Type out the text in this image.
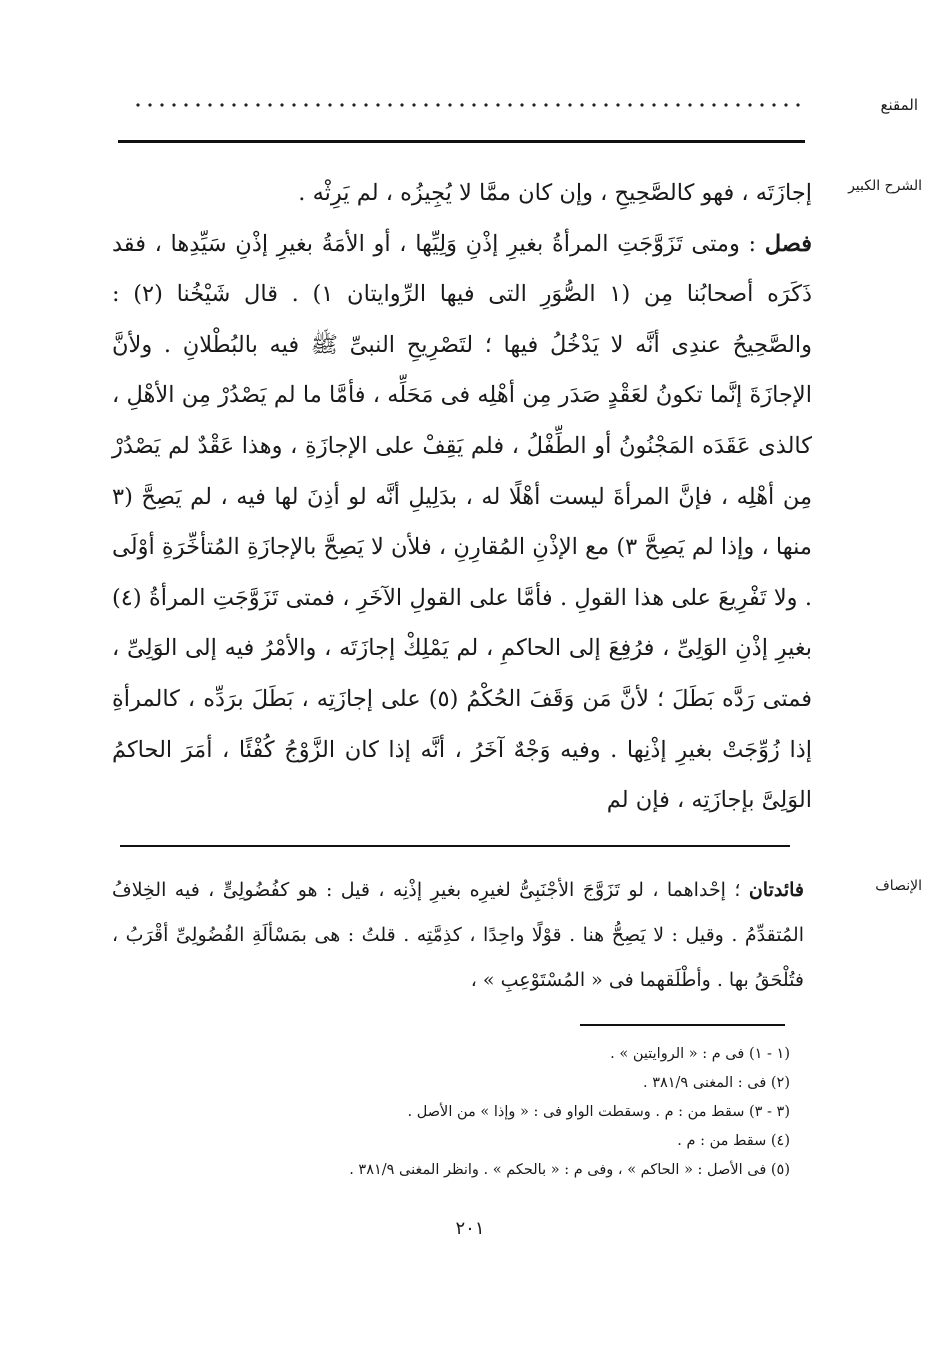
المقنع
الشرح الكبير
الإنصاف

إجازَتَه ، فهو كالصَّحِيحِ ، وإن كان ممَّا لا يُجِيزُه ، لم يَرِثْه .

فصل : ومتى تَزَوَّجَتِ المرأةُ بغيرِ إذْنِ وَلِيِّها ، أو الأمَةُ بغيرِ إذْنِ سَيِّدِها ، فقد ذَكَرَه أصحابُنا مِن (١ الصُّوَرِ التى فيها الرِّوايتان ١) . قال شَيْخُنا (٢) : والصَّحِيحُ عندِى أنَّه لا يَدْخُلُ فيها ؛ لتَصْرِيحِ النبىِّ ﷺ فيه بالبُطْلانِ . ولأنَّ الإجازَةَ إنَّما تكونُ لعَقْدٍ صَدَر مِن أهْلِه فى مَحَلِّه ، فأمَّا ما لم يَصْدُرْ مِن الأهْلِ ، كالذى عَقَدَه المَجْنُونُ أو الطِّفْلُ ، فلم يَقِفْ على الإجازَةِ ، وهذا عَقْدٌ لم يَصْدُرْ مِن أهْلِه ، فإنَّ المرأةَ ليست أهْلًا له ، بدَلِيلِ أنَّه لو أذِنَ لها فيه ، لم يَصِحَّ (٣ منها ، وإذا لم يَصِحَّ ٣) مع الإذْنِ المُقارِنِ ، فلأن لا يَصِحَّ بالإجازَةِ المُتأخِّرَةِ أوْلَى . ولا تَفْرِيعَ على هذا القولِ . فأمَّا على القولِ الآخَرِ ، فمتى تَزَوَّجَتِ المرأةُ (٤) بغيرِ إذْنِ الوَلِىِّ ، فرُفِعَ إلى الحاكمِ ، لم يَمْلِكْ إجازَتَه ، والأمْرُ فيه إلى الوَلِىِّ ، فمتى رَدَّه بَطَلَ ؛ لأنَّ مَن وَقَفَ الحُكْمُ (٥) على إجازَتِه ، بَطَلَ برَدِّه ، كالمرأةِ إذا زُوِّجَتْ بغيرِ إذْنِها . وفيه وَجْهٌ آخَرُ ، أنَّه إذا كان الزَّوْجُ كُفْئًا ، أمَرَ الحاكمُ الوَلِىَّ بإجازَتِه ، فإن لم

فائدتان ؛ إحْداهما ، لو تَزَوَّجَ الأجْنَبِىُّ لغيرِه بغيرِ إذْنِه ، قيل : هو كفُضُولِىٍّ ، فيه الخِلافُ المُتقدِّمُ . وقيل : لا يَصِحُّ هنا . قوْلًا واحِدًا ، كذِمَّتِه . قلتُ : هى بمَسْألَةِ الفُضُولِىِّ أقْرَبُ ، فتُلْحَقُ بها . وأطْلَقهما فى « المُسْتَوْعِبِ » ،

(١ - ١) فى م : « الروايتين » .
(٢) فى : المغنى ٣٨١/٩ .
(٣ - ٣) سقط من : م . وسقطت الواو فى : « وإذا » من الأصل .
(٤) سقط من : م .
(٥) فى الأصل : « الحاكم » ، وفى م : « بالحكم » . وانظر المغنى ٣٨١/٩ .
٢٠١
